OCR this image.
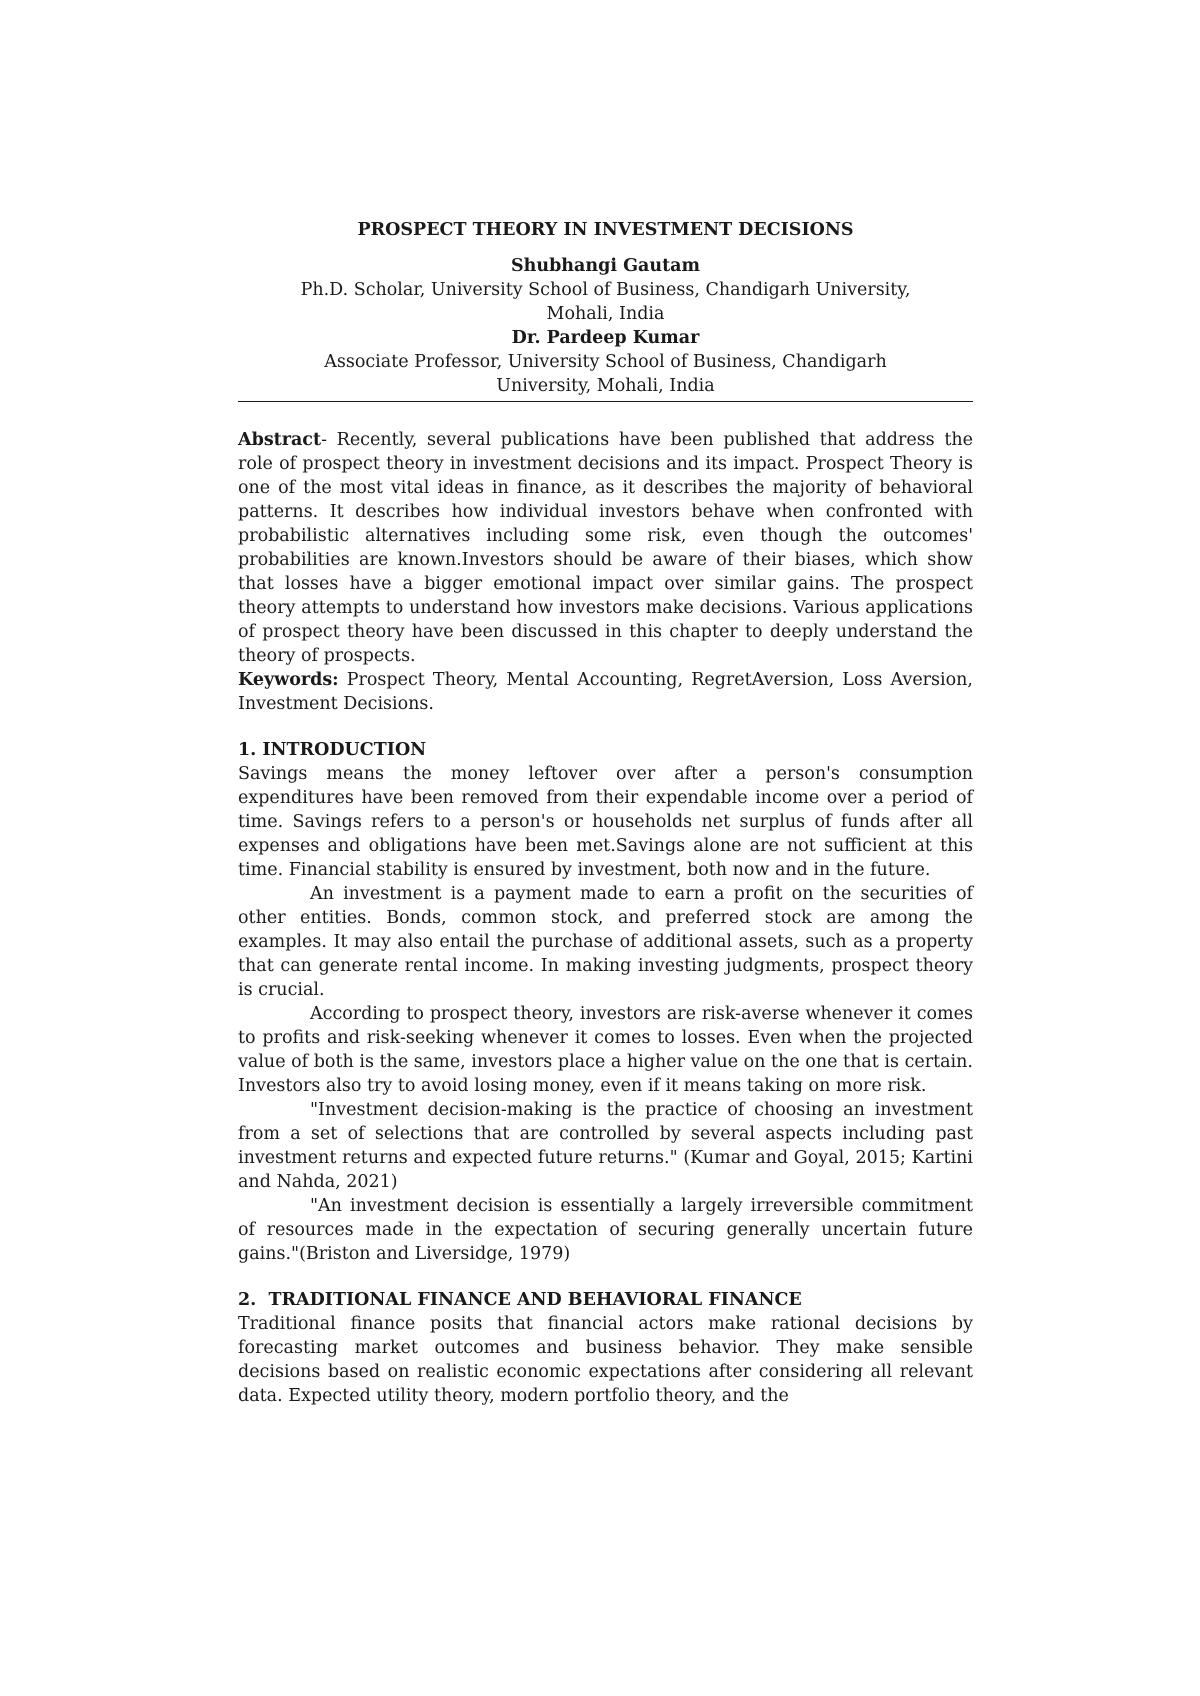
PROSPECT THEORY IN INVESTMENT DECISIONS

Shubhangi Gautam

Ph.D. Scholar, University School of Business, Chandigarh University,

Mohali, India

Dr. Pardeep Kumar

Associate Professor, University School of Business, Chandigarh

University, Mohali, India

Abstract- Recently, several publications have been published that address the role of prospect theory in investment decisions and its impact. Prospect Theory is one of the most vital ideas in finance, as it describes the majority of behavioral patterns. It describes how individual investors behave when confronted with probabilistic alternatives including some risk, even though the outcomes' probabilities are known.Investors should be aware of their biases, which show that losses have a bigger emotional impact over similar gains. The prospect theory attempts to understand how investors make decisions. Various applications of prospect theory have been discussed in this chapter to deeply understand the theory of prospects.

Keywords: Prospect Theory, Mental Accounting, RegretAversion, Loss Aversion, Investment Decisions.

1. INTRODUCTION

Savings means the money leftover over after a person's consumption expenditures have been removed from their expendable income over a period of time. Savings refers to a person's or households net surplus of funds after all expenses and obligations have been met.Savings alone are not sufficient at this time. Financial stability is ensured by investment, both now and in the future.

An investment is a payment made to earn a profit on the securities of other entities. Bonds, common stock, and preferred stock are among the examples. It may also entail the purchase of additional assets, such as a property that can generate rental income. In making investing judgments, prospect theory is crucial.

According to prospect theory, investors are risk-averse whenever it comes to profits and risk-seeking whenever it comes to losses. Even when the projected value of both is the same, investors place a higher value on the one that is certain. Investors also try to avoid losing money, even if it means taking on more risk.

"Investment decision-making is the practice of choosing an investment from a set of selections that are controlled by several aspects including past investment returns and expected future returns." (Kumar and Goyal, 2015; Kartini and Nahda, 2021)

"An investment decision is essentially a largely irreversible commitment of resources made in the expectation of securing generally uncertain future gains."(Briston and Liversidge, 1979)

2. TRADITIONAL FINANCE AND BEHAVIORAL FINANCE

Traditional finance posits that financial actors make rational decisions by forecasting market outcomes and business behavior. They make sensible decisions based on realistic economic expectations after considering all relevant data. Expected utility theory, modern portfolio theory, and the
